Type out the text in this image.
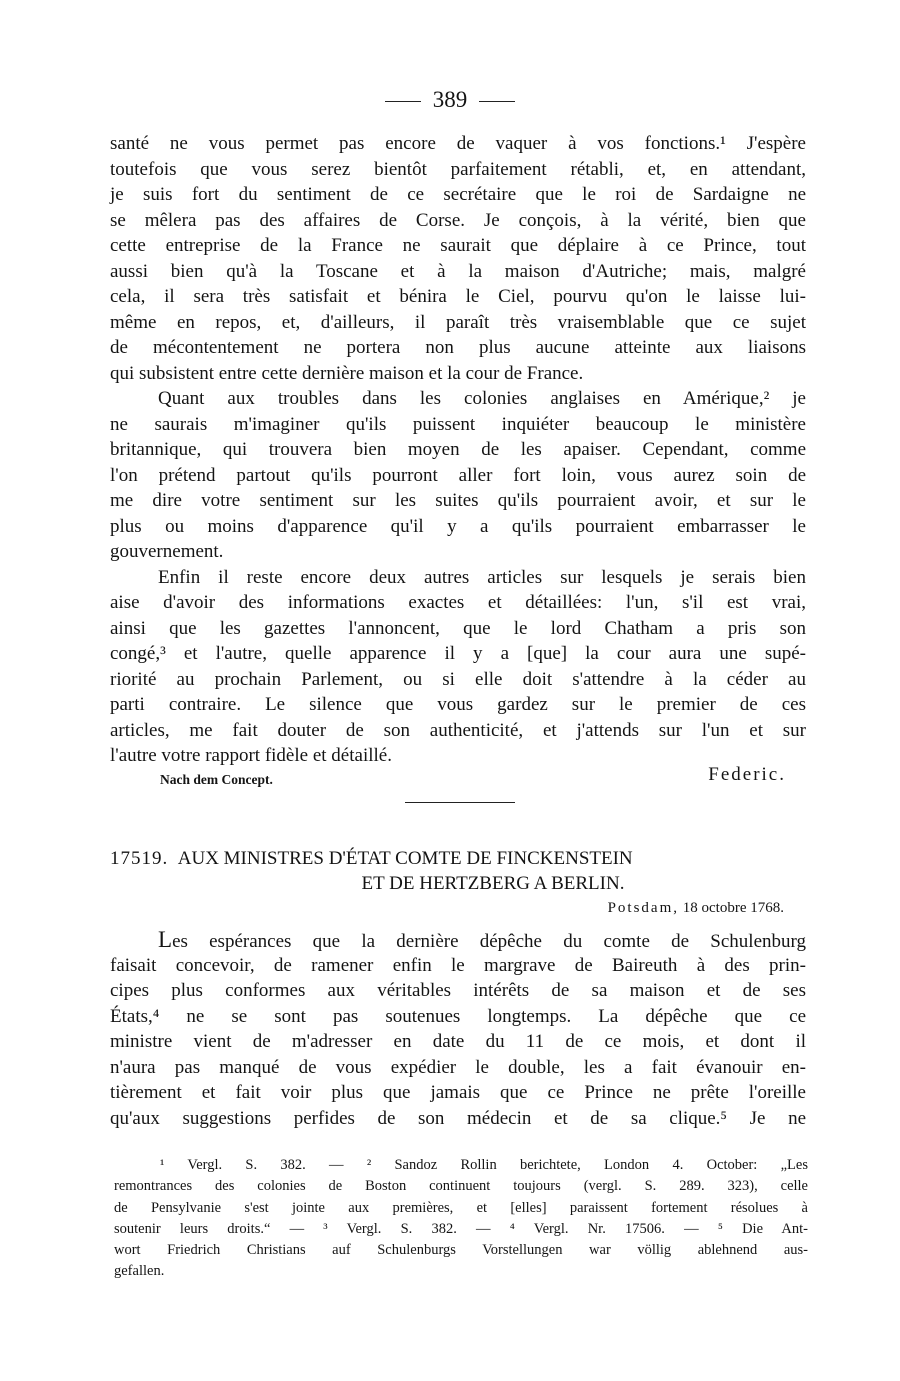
389
santé ne vous permet pas encore de vaquer à vos fonctions.¹ J'espère
toutefois que vous serez bientôt parfaitement rétabli, et, en attendant,
je suis fort du sentiment de ce secrétaire que le roi de Sardaigne ne
se mêlera pas des affaires de Corse. Je conçois, à la vérité, bien que
cette entreprise de la France ne saurait que déplaire à ce Prince, tout
aussi bien qu'à la Toscane et à la maison d'Autriche; mais, malgré
cela, il sera très satisfait et bénira le Ciel, pourvu qu'on le laisse lui-
même en repos, et, d'ailleurs, il paraît très vraisemblable que ce sujet
de mécontentement ne portera non plus aucune atteinte aux liaisons
qui subsistent entre cette dernière maison et la cour de France.
Quant aux troubles dans les colonies anglaises en Amérique,² je
ne saurais m'imaginer qu'ils puissent inquiéter beaucoup le ministère
britannique, qui trouvera bien moyen de les apaiser. Cependant, comme
l'on prétend partout qu'ils pourront aller fort loin, vous aurez soin de
me dire votre sentiment sur les suites qu'ils pourraient avoir, et sur le
plus ou moins d'apparence qu'il y a qu'ils pourraient embarrasser le
gouvernement.
Enfin il reste encore deux autres articles sur lesquels je serais bien
aise d'avoir des informations exactes et détaillées: l'un, s'il est vrai,
ainsi que les gazettes l'annoncent, que le lord Chatham a pris son
congé,³ et l'autre, quelle apparence il y a [que] la cour aura une supé-
riorité au prochain Parlement, ou si elle doit s'attendre à la céder au
parti contraire. Le silence que vous gardez sur le premier de ces
articles, me fait douter de son authenticité, et j'attends sur l'un et sur
l'autre votre rapport fidèle et détaillé.
Nach dem Concept.	Federic.
17519. AUX MINISTRES D'ÉTAT COMTE DE FINCKENSTEIN
ET DE HERTZBERG A BERLIN.
Potsdam, 18 octobre 1768.
Les espérances que la dernière dépêche du comte de Schulenburg
faisait concevoir, de ramener enfin le margrave de Baireuth à des prin-
cipes plus conformes aux véritables intérêts de sa maison et de ses
États,⁴ ne se sont pas soutenues longtemps. La dépêche que ce
ministre vient de m'adresser en date du 11 de ce mois, et dont il
n'aura pas manqué de vous expédier le double, les a fait évanouir en-
tièrement et fait voir plus que jamais que ce Prince ne prête l'oreille
qu'aux suggestions perfides de son médecin et de sa clique.⁵ Je ne
¹ Vergl. S. 382. — ² Sandoz Rollin berichtete, London 4. October: „Les
remontrances des colonies de Boston continuent toujours (vergl. S. 289. 323), celle
de Pensylvanie s'est jointe aux premières, et [elles] paraissent fortement résolues à
soutenir leurs droits.“ — ³ Vergl. S. 382. — ⁴ Vergl. Nr. 17506. — ⁵ Die Ant-
wort Friedrich Christians auf Schulenburgs Vorstellungen war völlig ablehnend aus-
gefallen.
